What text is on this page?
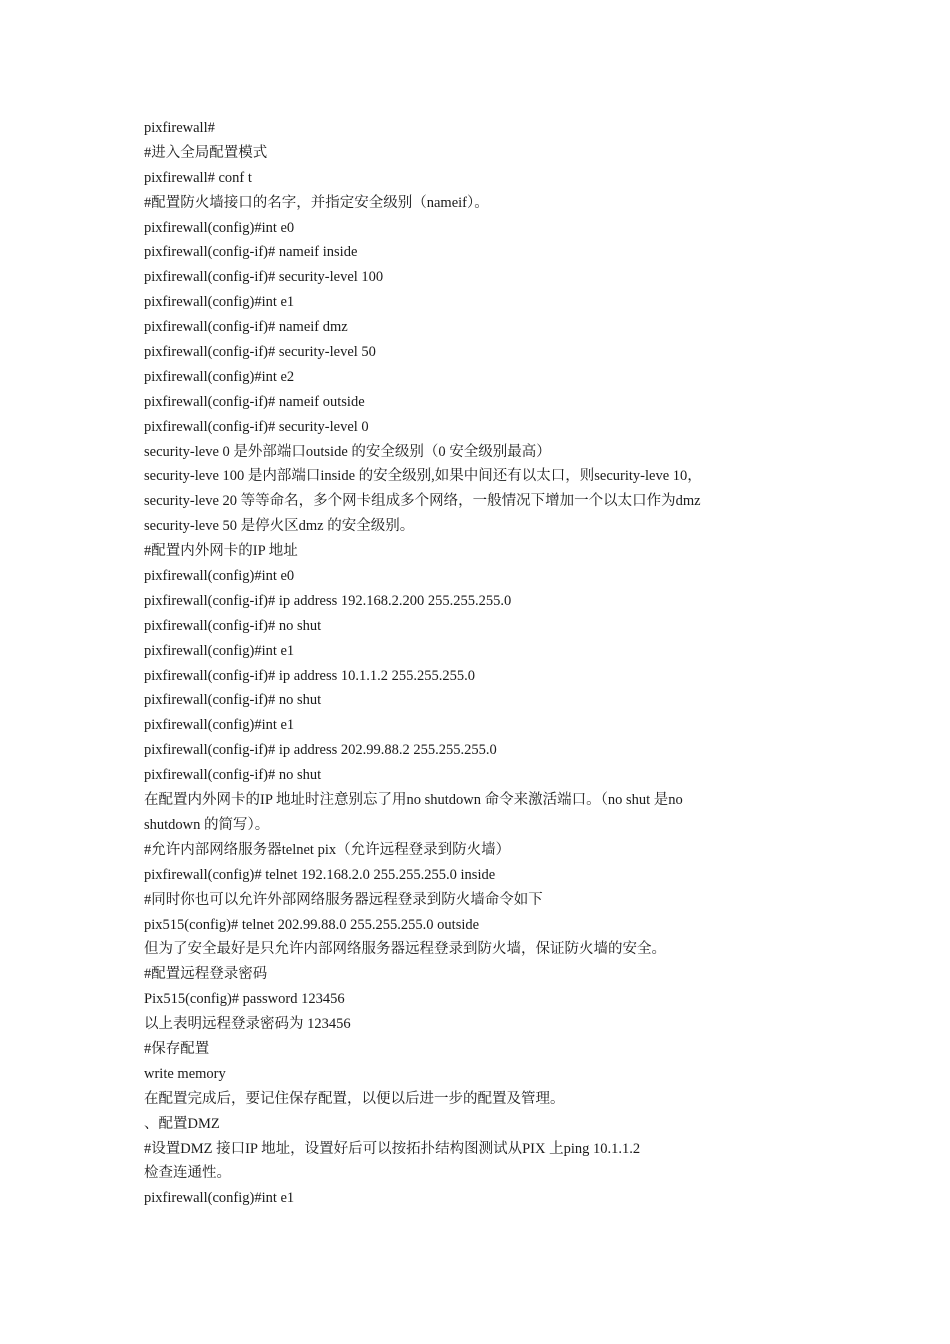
pixfirewall#
#进入全局配置模式
pixfirewall# conf t
#配置防火墙接口的名字，并指定安全级别（nameif）。
pixfirewall(config)#int e0
pixfirewall(config-if)# nameif inside
pixfirewall(config-if)# security-level 100
pixfirewall(config)#int e1
pixfirewall(config-if)# nameif dmz
pixfirewall(config-if)# security-level 50
pixfirewall(config)#int e2
pixfirewall(config-if)# nameif outside
pixfirewall(config-if)# security-level 0
security-leve 0 是外部端口outside 的安全级别（0 安全级别最高）
security-leve 100 是内部端口inside 的安全级别,如果中间还有以太口，则security-leve 10，
security-leve 20 等等命名，多个网卡组成多个网络，一般情况下增加一个以太口作为dmz
security-leve 50 是停火区dmz 的安全级别。
#配置内外网卡的IP 地址
pixfirewall(config)#int e0
pixfirewall(config-if)# ip address 192.168.2.200 255.255.255.0
pixfirewall(config-if)# no shut
pixfirewall(config)#int e1
pixfirewall(config-if)# ip address 10.1.1.2 255.255.255.0
pixfirewall(config-if)# no shut
pixfirewall(config)#int e1
pixfirewall(config-if)# ip address 202.99.88.2 255.255.255.0
pixfirewall(config-if)# no shut
在配置内外网卡的IP 地址时注意别忘了用no shutdown 命令来激活端口。（no shut 是no
shutdown 的简写）。
#允许内部网络服务器telnet pix（允许远程登录到防火墙）
pixfirewall(config)# telnet 192.168.2.0 255.255.255.0 inside
#同时你也可以允许外部网络服务器远程登录到防火墙命令如下
pix515(config)# telnet 202.99.88.0 255.255.255.0 outside
但为了安全最好是只允许内部网络服务器远程登录到防火墙，保证防火墙的安全。
#配置远程登录密码
Pix515(config)# password 123456
以上表明远程登录密码为 123456
#保存配置
write memory
在配置完成后，要记住保存配置，以便以后进一步的配置及管理。
、配置DMZ
#设置DMZ 接口IP 地址，设置好后可以按拓扑结构图测试从PIX 上ping 10.1.1.2
检查连通性。
pixfirewall(config)#int e1
